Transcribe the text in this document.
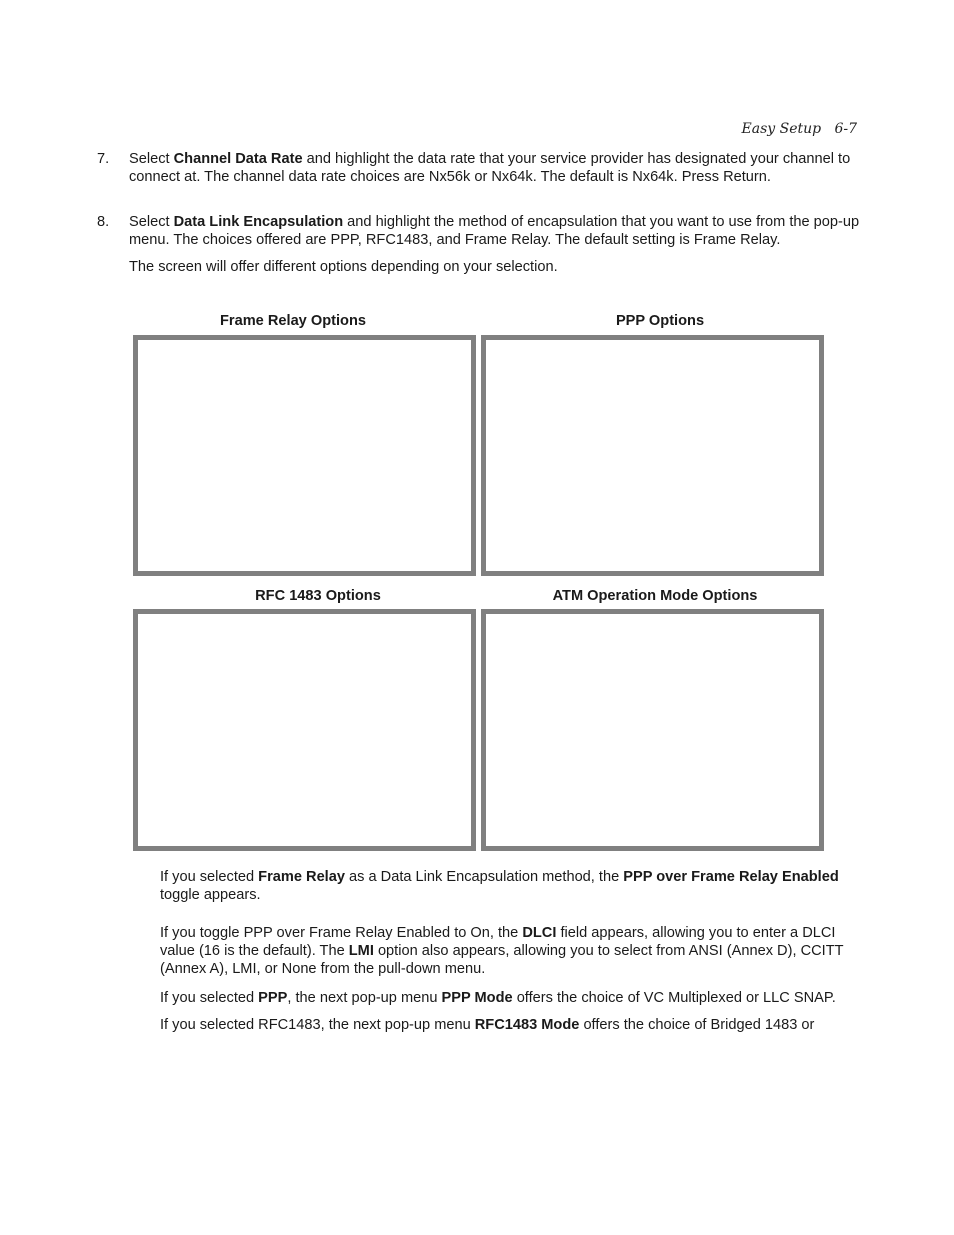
Easy Setup 6-7
7. Select Channel Data Rate and highlight the data rate that your service provider has designated your channel to connect at. The channel data rate choices are Nx56k or Nx64k. The default is Nx64k. Press Return.
8. Select Data Link Encapsulation and highlight the method of encapsulation that you want to use from the pop-up menu. The choices offered are PPP, RFC1483, and Frame Relay. The default setting is Frame Relay.
The screen will offer different options depending on your selection.
Frame Relay Options	PPP Options
RFC 1483 Options	ATM Operation Mode Options
If you selected Frame Relay as a Data Link Encapsulation method, the PPP over Frame Relay Enabled toggle appears.
If you toggle PPP over Frame Relay Enabled to On, the DLCI field appears, allowing you to enter a DLCI value (16 is the default). The LMI option also appears, allowing you to select from ANSI (Annex D), CCITT (Annex A), LMI, or None from the pull-down menu.
If you selected PPP, the next pop-up menu PPP Mode offers the choice of VC Multiplexed or LLC SNAP.
If you selected RFC1483, the next pop-up menu RFC1483 Mode offers the choice of Bridged 1483 or
